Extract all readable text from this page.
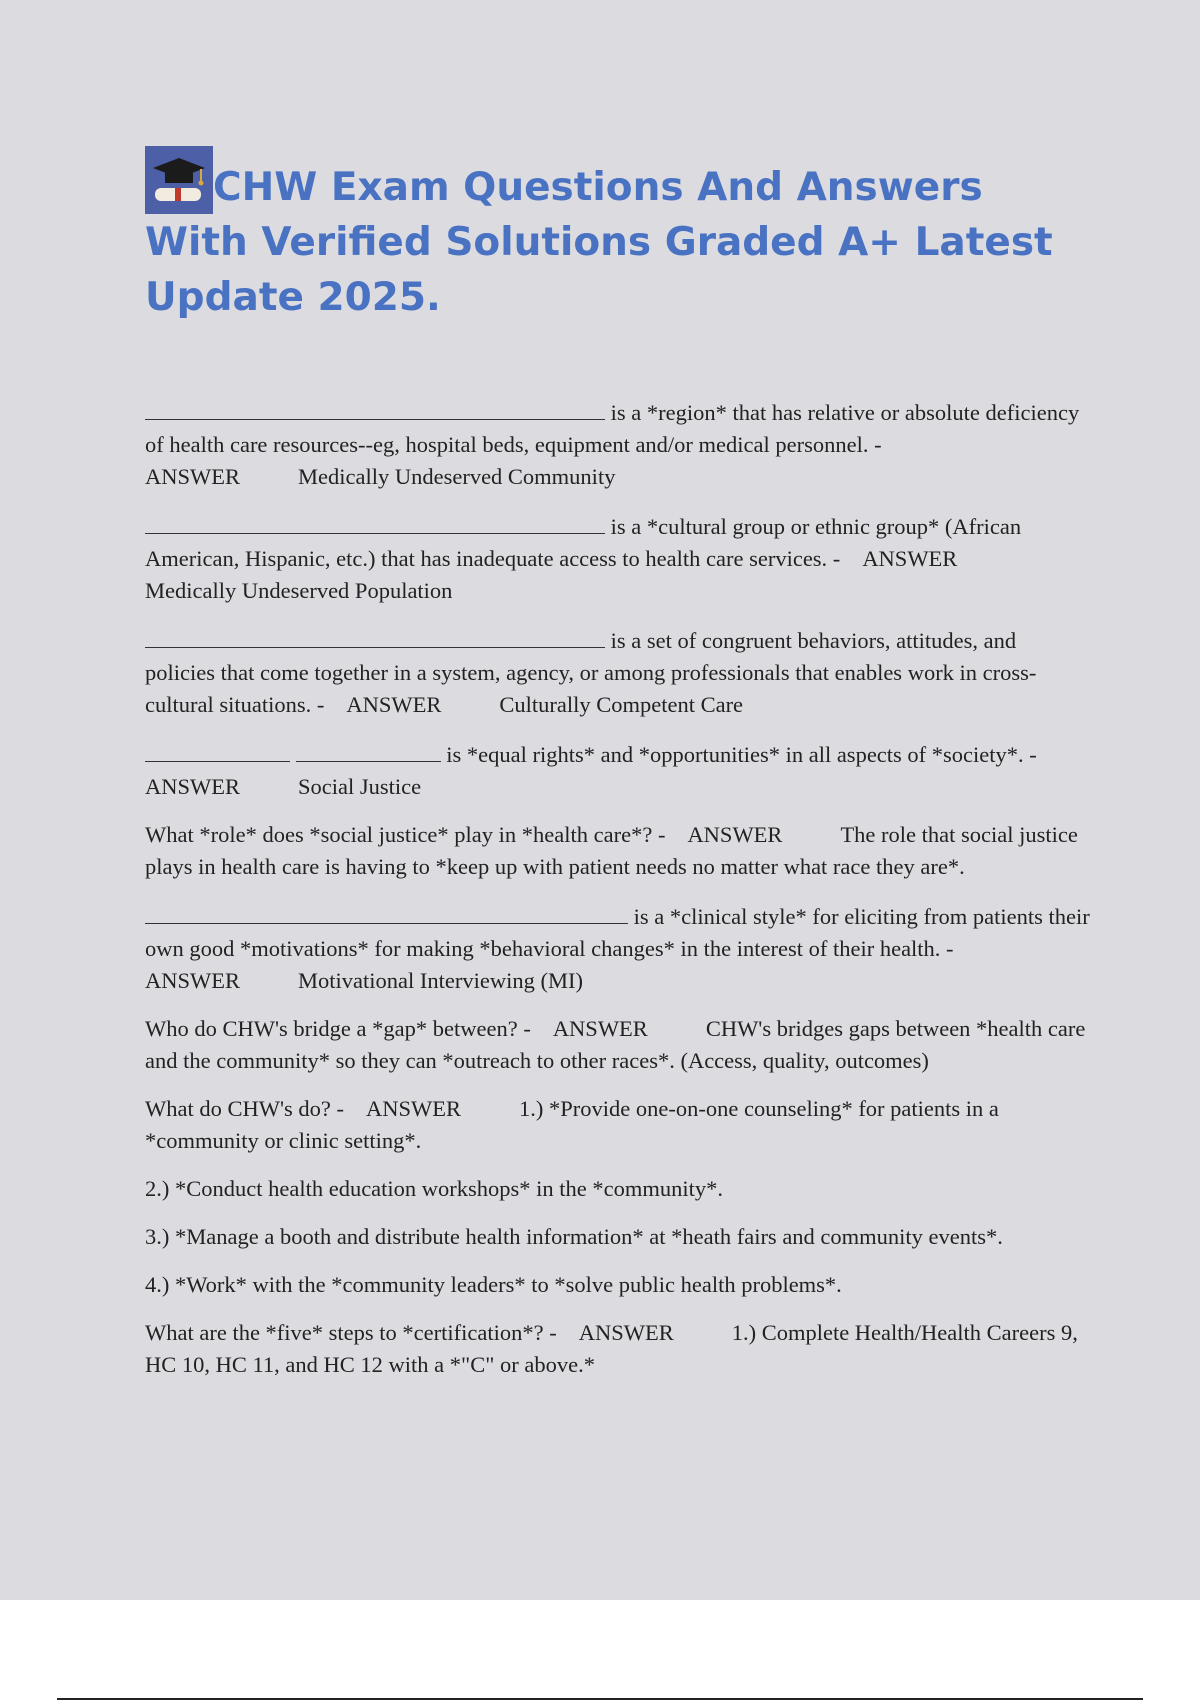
CHW Exam Questions And Answers With Verified Solutions Graded A+ Latest Update 2025.

is a *region* that has relative or absolute deficiency of health care resources--eg, hospital beds, equipment and/or medical personnel. -
ANSWER	Medically Undeserved Community

is a *cultural group or ethnic group* (African American, Hispanic, etc.) that has inadequate access to health care services. - ANSWERMedically Undeserved Population

is a set of congruent behaviors, attitudes, and policies that come together in a system, agency, or among professionals that enables work in cross-cultural situations. - ANSWER	Culturally Competent Care

is *equal rights* and *opportunities* in all aspects of *society*. -
ANSWER	Social Justice

What *role* does *social justice* play in *health care*? - ANSWER	The role that social justice plays in health care is having to *keep up with patient needs no matter what race they are*.

is a *clinical style* for eliciting from patients their own good *motivations* for making *behavioral changes* in the interest of their health. -
ANSWER	Motivational Interviewing (MI)

Who do CHW's bridge a *gap* between? - ANSWER	CHW's bridges gaps between *health care and the community* so they can *outreach to other races*. (Access, quality, outcomes)

What do CHW's do? - ANSWER	1.) *Provide one-on-one counseling* for patients in a *community or clinic setting*.

2.) *Conduct health education workshops* in the *community*.

3.) *Manage a booth and distribute health information* at *heath fairs and community events*.

4.) *Work* with the *community leaders* to *solve public health problems*.

What are the *five* steps to *certification*? - ANSWER	1.) Complete Health/Health Careers 9, HC 10, HC 11, and HC 12 with a *"C" or above.*
